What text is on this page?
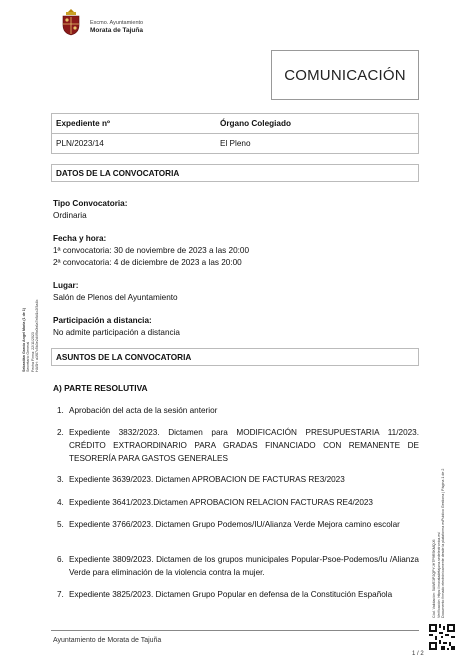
Excmo. Ayuntamiento
Morata de Tajuña
COMUNICACIÓN
Sebastián García Angel Maria (1 de 1) Secretario General Fecha Firma: 22/11/2023 HASH: a1f87c5b3e2d4f9c0b6a7e8d1c2f3a4b
Expediente nº	Órgano Colegiado
PLN/2023/14	El Pleno
DATOS DE LA CONVOCATORIA
Tipo Convocatoria:
Ordinaria
Fecha y hora:
1ª convocatoria: 30 de noviembre de 2023 a las 20:00
2ª convocatoria: 4 de diciembre de 2023 a las 20:00
Lugar:
Salón de Plenos del Ayuntamiento
Participación a distancia:
No admite participación a distancia
ASUNTOS DE LA CONVOCATORIA
A) PARTE RESOLUTIVA
1. Aprobación del acta de la sesión anterior
2. Expediente 3832/2023. Dictamen para MODIFICACIÓN PRESUPUESTARIA 11/2023. CRÉDITO EXTRAORDINARIO PARA GRADAS FINANCIADO CON REMANENTE DE TESORERÍA PARA GASTOS GENERALES
3. Expediente 3639/2023. Dictamen APROBACION DE FACTURAS RE3/2023
4. Expediente 3641/2023.Dictamen APROBACION RELACION FACTURAS RE4/2023
5. Expediente 3766/2023. Dictamen Grupo Podemos/IU/Alianza Verde Mejora camino escolar
6. Expediente 3809/2023. Dictamen de los grupos municipales Popular-Psoe-Podemos/Iu /Alianza Verde para eliminación de la violencia contra la mujer.
7. Expediente 3825/2023. Dictamen Grupo Popular en defensa de la Constitución Española	Cód. Validación: 5AWE3P2QPYJHTP9R5KMQJ6 Verificación: https://moratadetajuna.sedelectronica.es/ Documento firmado electrónicamente desde la plataforma esPublico Gestiona | Página 1 de 2
Ayuntamiento de Morata de Tajuña
1 / 2
